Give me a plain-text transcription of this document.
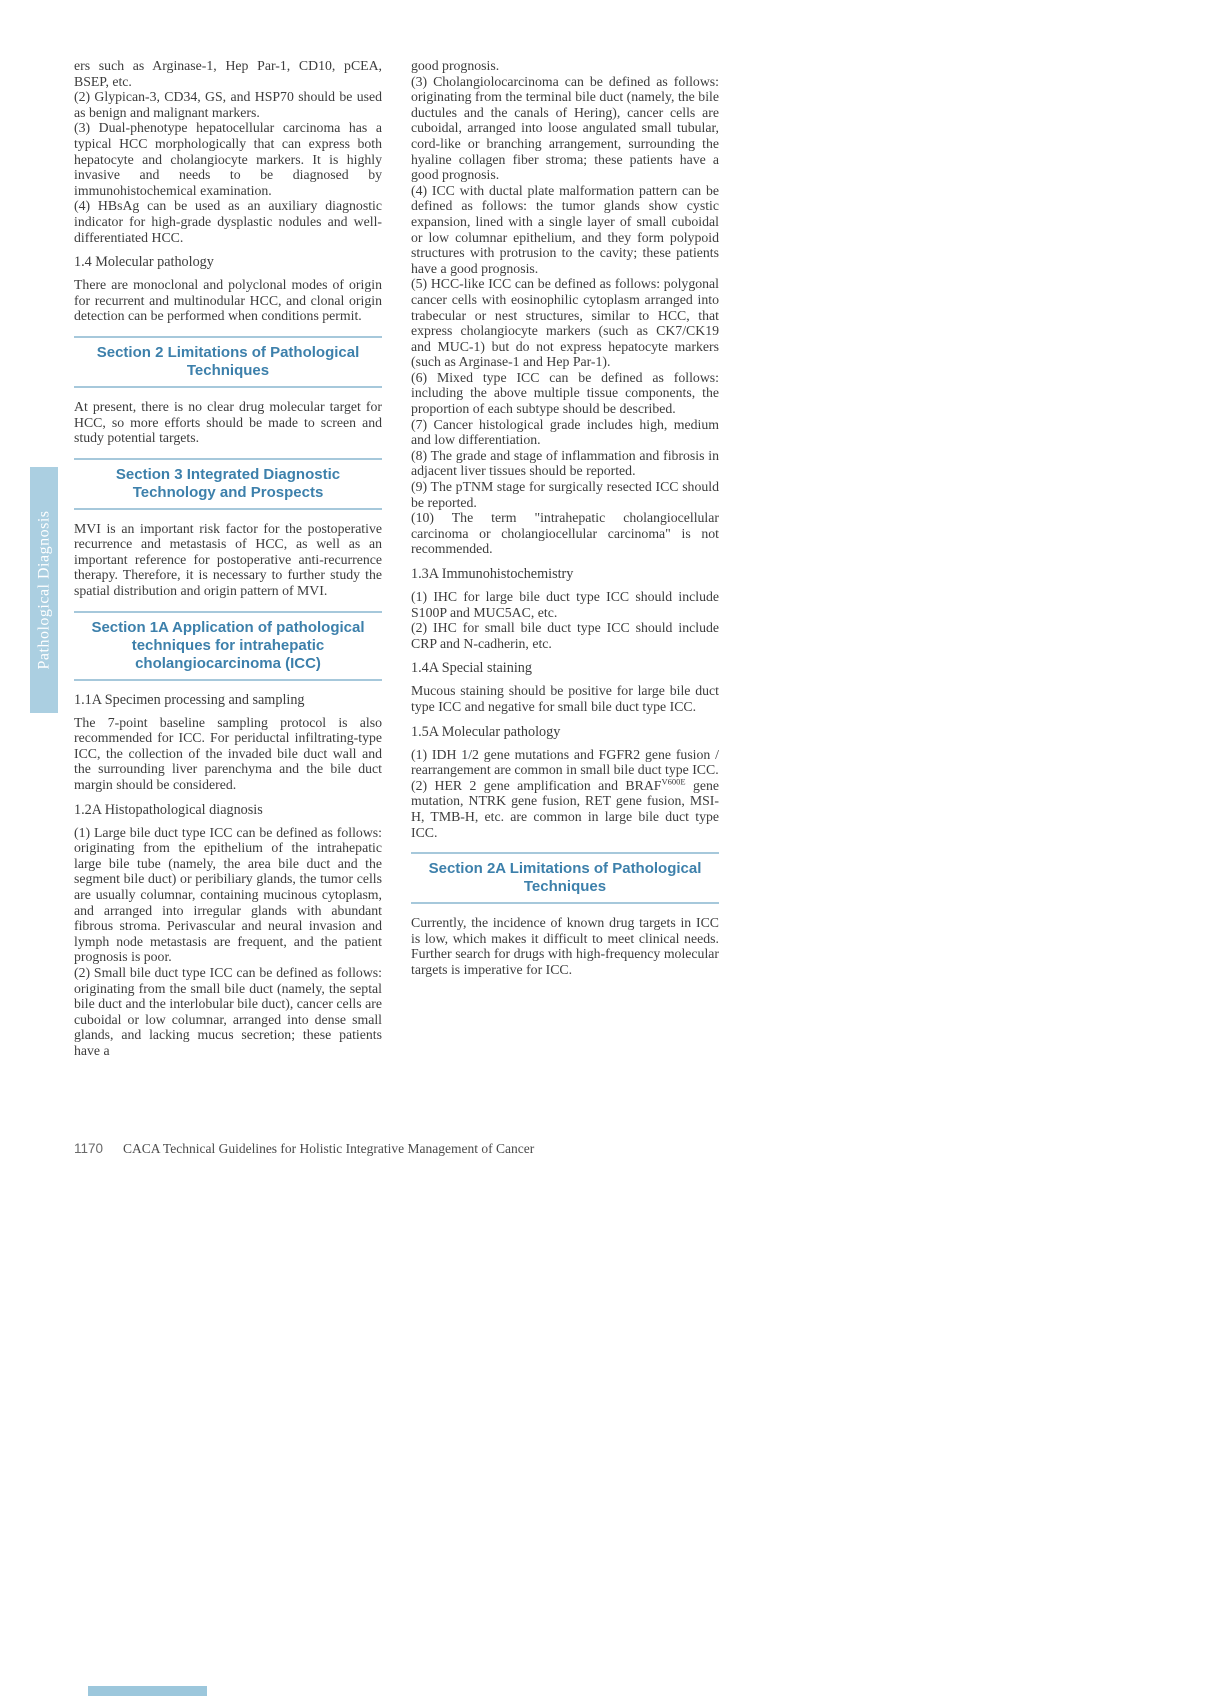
Pathological Diagnosis

ers such as Arginase-1, Hep Par-1, CD10, pCEA, BSEP, etc.

(2) Glypican-3, CD34, GS, and HSP70 should be used as benign and malignant markers.

(3) Dual-phenotype hepatocellular carcinoma has a typical HCC morphologically that can express both hepatocyte and cholangiocyte markers. It is highly invasive and needs to be diagnosed by immunohistochemical examination.

(4) HBsAg can be used as an auxiliary diagnostic indicator for high-grade dysplastic nodules and well-differentiated HCC.

1.4 Molecular pathology

There are monoclonal and polyclonal modes of origin for recurrent and multinodular HCC, and clonal origin detection can be performed when conditions permit.

Section 2 Limitations of Pathological Techniques

At present, there is no clear drug molecular target for HCC, so more efforts should be made to screen and study potential targets.

Section 3 Integrated Diagnostic Technology and Prospects

MVI is an important risk factor for the postoperative recurrence and metastasis of HCC, as well as an important reference for postoperative anti-recurrence therapy. Therefore, it is necessary to further study the spatial distribution and origin pattern of MVI.

Section 1A Application of pathological techniques for intrahepatic cholangiocarcinoma (ICC)

1.1A Specimen processing and sampling

The 7-point baseline sampling protocol is also recommended for ICC. For periductal infiltrating-type ICC, the collection of the invaded bile duct wall and the surrounding liver parenchyma and the bile duct margin should be considered.

1.2A Histopathological diagnosis

(1) Large bile duct type ICC can be defined as follows: originating from the epithelium of the intrahepatic large bile tube (namely, the area bile duct and the segment bile duct) or peribiliary glands, the tumor cells are usually columnar, containing mucinous cytoplasm, and arranged into irregular glands with abundant fibrous stroma. Perivascular and neural invasion and lymph node metastasis are frequent, and the patient prognosis is poor.

(2) Small bile duct type ICC can be defined as follows: originating from the small bile duct (namely, the septal bile duct and the interlobular bile duct), cancer cells are cuboidal or low columnar, arranged into dense small glands, and lacking mucus secretion; these patients have a

good prognosis.

(3) Cholangiolocarcinoma can be defined as follows: originating from the terminal bile duct (namely, the bile ductules and the canals of Hering), cancer cells are cuboidal, arranged into loose angulated small tubular, cord-like or branching arrangement, surrounding the hyaline collagen fiber stroma; these patients have a good prognosis.

(4) ICC with ductal plate malformation pattern can be defined as follows: the tumor glands show cystic expansion, lined with a single layer of small cuboidal or low columnar epithelium, and they form polypoid structures with protrusion to the cavity; these patients have a good prognosis.

(5) HCC-like ICC can be defined as follows: polygonal cancer cells with eosinophilic cytoplasm arranged into trabecular or nest structures, similar to HCC, that express cholangiocyte markers (such as CK7/CK19 and MUC-1) but do not express hepatocyte markers (such as Arginase-1 and Hep Par-1).

(6) Mixed type ICC can be defined as follows: including the above multiple tissue components, the proportion of each subtype should be described.

(7) Cancer histological grade includes high, medium and low differentiation.

(8) The grade and stage of inflammation and fibrosis in adjacent liver tissues should be reported.

(9) The pTNM stage for surgically resected ICC should be reported.

(10) The term "intrahepatic cholangiocellular carcinoma or cholangiocellular carcinoma" is not recommended.

1.3A Immunohistochemistry

(1) IHC for large bile duct type ICC should include S100P and MUC5AC, etc.

(2) IHC for small bile duct type ICC should include CRP and N-cadherin, etc.

1.4A Special staining

Mucous staining should be positive for large bile duct type ICC and negative for small bile duct type ICC.

1.5A Molecular pathology

(1) IDH 1/2 gene mutations and FGFR2 gene fusion / rearrangement are common in small bile duct type ICC.

(2) HER 2 gene amplification and $BRAF^{V600E}$ gene mutation, NTRK gene fusion, RET gene fusion, MSI-H, TMB-H, etc. are common in large bile duct type ICC.

Section 2A Limitations of Pathological Techniques

Currently, the incidence of known drug targets in ICC is low, which makes it difficult to meet clinical needs. Further search for drugs with high-frequency molecular targets is imperative for ICC.

1170 CACA Technical Guidelines for Holistic Integrative Management of Cancer
